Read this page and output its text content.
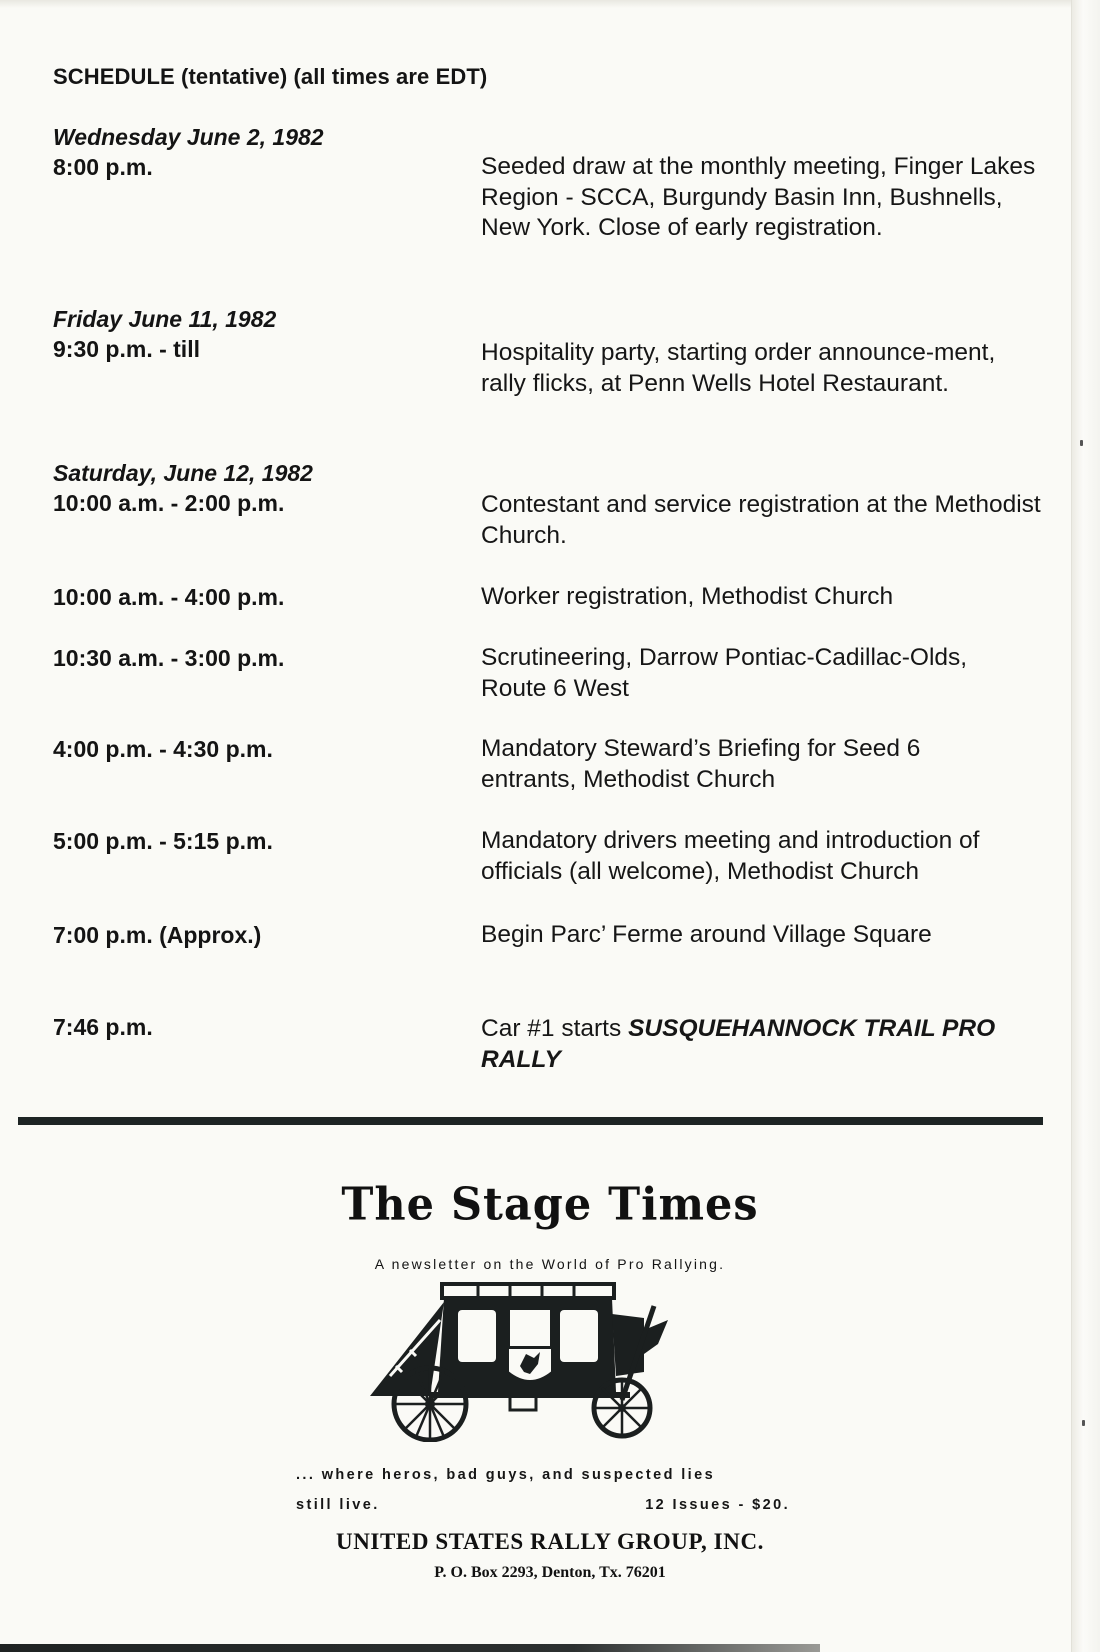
SCHEDULE (tentative) (all times are EDT)

Wednesday June 2, 1982

8:00 p.m.	Seeded draw at the monthly meeting, Finger Lakes Region - SCCA, Burgundy Basin Inn, Bushnells, New York. Close of early registration.

Friday June 11, 1982

9:30 p.m. - till	Hospitality party, starting order announce-ment, rally flicks, at Penn Wells Hotel Restaurant.

Saturday, June 12, 1982

10:00 a.m. - 2:00 p.m.	Contestant and service registration at the Methodist Church.
10:00 a.m. - 4:00 p.m.	Worker registration, Methodist Church
10:30 a.m. - 3:00 p.m.	Scrutineering, Darrow Pontiac-Cadillac-Olds, Route 6 West
4:00 p.m. - 4:30 p.m.	Mandatory Steward’s Briefing for Seed 6 entrants, Methodist Church
5:00 p.m. - 5:15 p.m.	Mandatory drivers meeting and introduction of officials (all welcome), Methodist Church
7:00 p.m. (Approx.)	Begin Parc’ Ferme around Village Square
7:46 p.m.	Car #1 starts SUSQUEHANNOCK TRAIL PRO RALLY
The Stage Times
A newsletter on the World of Pro Rallying.
... where heros, bad guys, and suspected lies
still live.	12 Issues - $20.
UNITED STATES RALLY GROUP, INC.
P. O. Box 2293, Denton, Tx. 76201
